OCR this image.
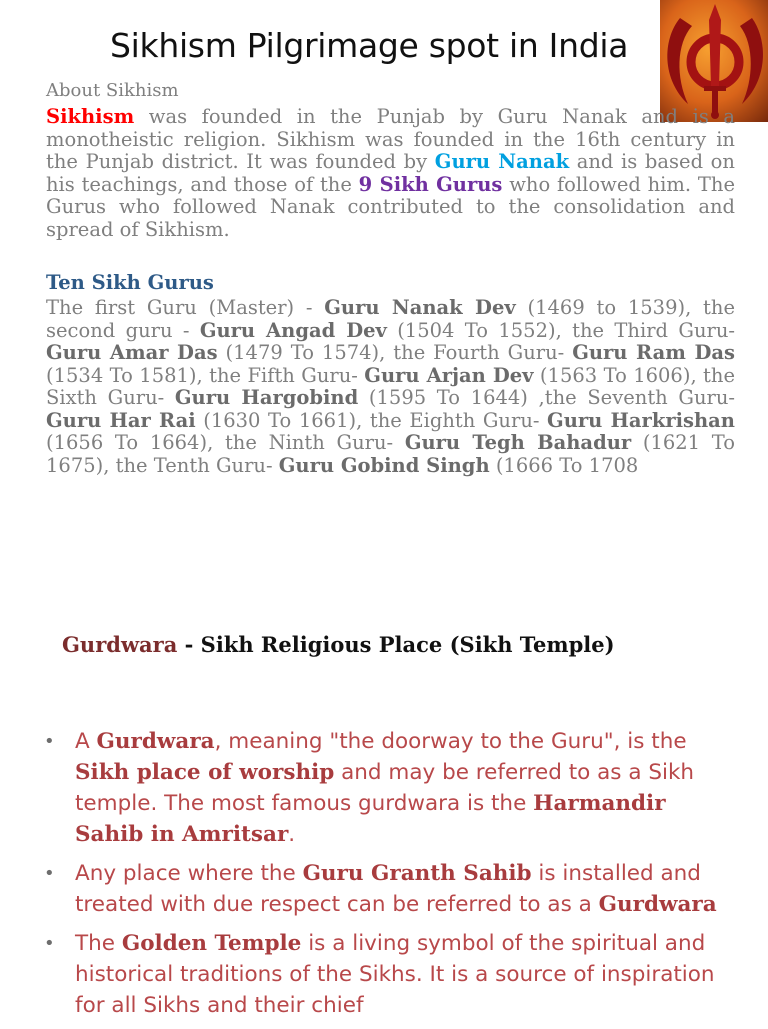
Sikhism Pilgrimage spot in India

About Sikhism

Sikhism was founded in the Punjab by Guru Nanak and is a monotheistic religion. Sikhism was founded in the 16th century in the Punjab district. It was founded by Guru Nanak and is based on his teachings, and those of the 9 Sikh Gurus who followed him. The Gurus who followed Nanak contributed to the consolidation and spread of Sikhism.

Ten Sikh Gurus

The first Guru (Master) - Guru Nanak Dev (1469 to 1539), the second guru - Guru Angad Dev (1504 To 1552), the Third Guru- Guru Amar Das (1479 To 1574), the Fourth Guru- Guru Ram Das (1534 To 1581), the Fifth Guru- Guru Arjan Dev (1563 To 1606), the Sixth Guru- Guru Hargobind (1595 To 1644) ,the Seventh Guru- Guru Har Rai (1630 To 1661), the Eighth Guru- Guru Harkrishan (1656 To 1664), the Ninth Guru- Guru Tegh Bahadur (1621 To 1675), the Tenth Guru- Guru Gobind Singh (1666 To 1708

Gurdwara - Sikh Religious Place (Sikh Temple)
• A Gurdwara, meaning "the doorway to the Guru", is the Sikh place of worship and may be referred to as a Sikh temple. The most famous gurdwara is the Harmandir Sahib in Amritsar.
• Any place where the Guru Granth Sahib is installed and treated with due respect can be referred to as a Gurdwara
• The Golden Temple is a living symbol of the spiritual and historical traditions of the Sikhs. It is a source of inspiration for all Sikhs and their chief
